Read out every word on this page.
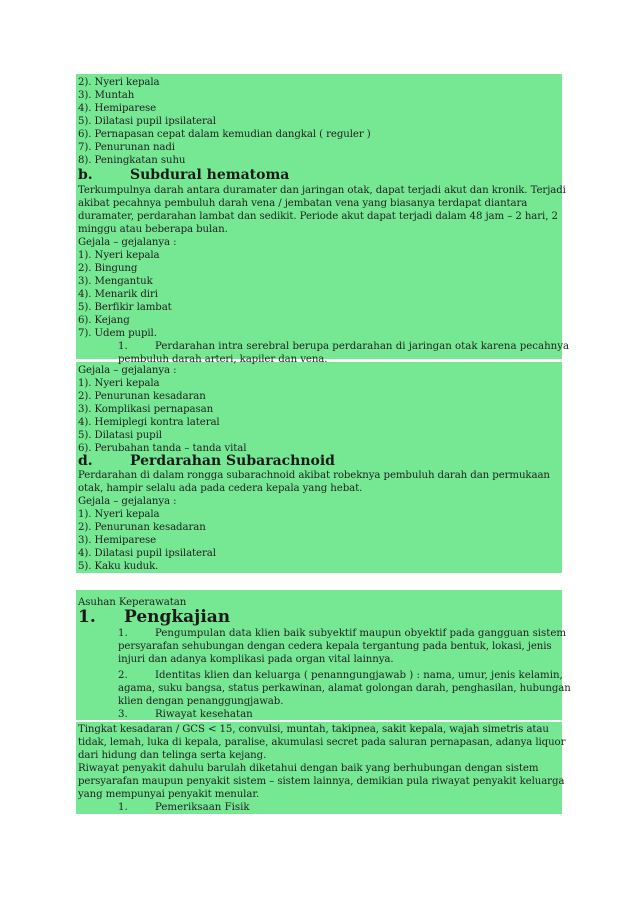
2). Nyeri kepala
3). Muntah
4). Hemiparese
5). Dilatasi pupil ipsilateral
6). Pernapasan cepat dalam kemudian dangkal ( reguler )
7). Penurunan nadi
8). Peningkatan suhu
b.	Subdural hematoma
Terkumpulnya darah antara duramater dan jaringan otak, dapat terjadi akut dan kronik. Terjadi
akibat pecahnya pembuluh darah vena / jembatan vena yang biasanya terdapat diantara
duramater, perdarahan lambat dan sedikit. Periode akut dapat terjadi dalam 48 jam – 2 hari, 2
minggu atau beberapa bulan.
Gejala – gejalanya :
1). Nyeri kepala
2). Bingung
3). Mengantuk
4). Menarik diri
5). Berfikir lambat
6). Kejang
7). Udem pupil.
1.	Perdarahan intra serebral berupa perdarahan di jaringan otak karena pecahnya
pembuluh darah arteri, kapiler dan vena.
Gejala – gejalanya :
1). Nyeri kepala
2). Penurunan kesadaran
3). Komplikasi pernapasan
4). Hemiplegi kontra lateral
5). Dilatasi pupil
6). Perubahan tanda – tanda vital
d.	Perdarahan Subarachnoid
Perdarahan di dalam rongga subarachnoid akibat robeknya pembuluh darah dan permukaan
otak, hampir selalu ada pada cedera kepala yang hebat.
Gejala – gejalanya :
1). Nyeri kepala
2). Penurunan kesadaran
3). Hemiparese
4). Dilatasi pupil ipsilateral
5). Kaku kuduk.
Asuhan Keperawatan
1. Pengkajian
1.	Pengumpulan data klien baik subyektif maupun obyektif pada gangguan sistem
persyarafan sehubungan dengan cedera kepala tergantung pada bentuk, lokasi, jenis
injuri dan adanya komplikasi pada organ vital lainnya.
2.	Identitas klien dan keluarga ( penanngungjawab ) : nama, umur, jenis kelamin,
agama, suku bangsa, status perkawinan, alamat golongan darah, penghasilan, hubungan
klien dengan penanggungjawab.
3.	Riwayat kesehatan
Tingkat kesadaran / GCS < 15, convulsi, muntah, takipnea, sakit kepala, wajah simetris atau
tidak, lemah, luka di kepala, paralise, akumulasi secret pada saluran pernapasan, adanya liquor
dari hidung dan telinga serta kejang.
Riwayat penyakit dahulu barulah diketahui dengan baik yang berhubungan dengan sistem
persyarafan maupun penyakit sistem – sistem lainnya, demikian pula riwayat penyakit keluarga
yang mempunyai penyakit menular.
1.	Pemeriksaan Fisik
